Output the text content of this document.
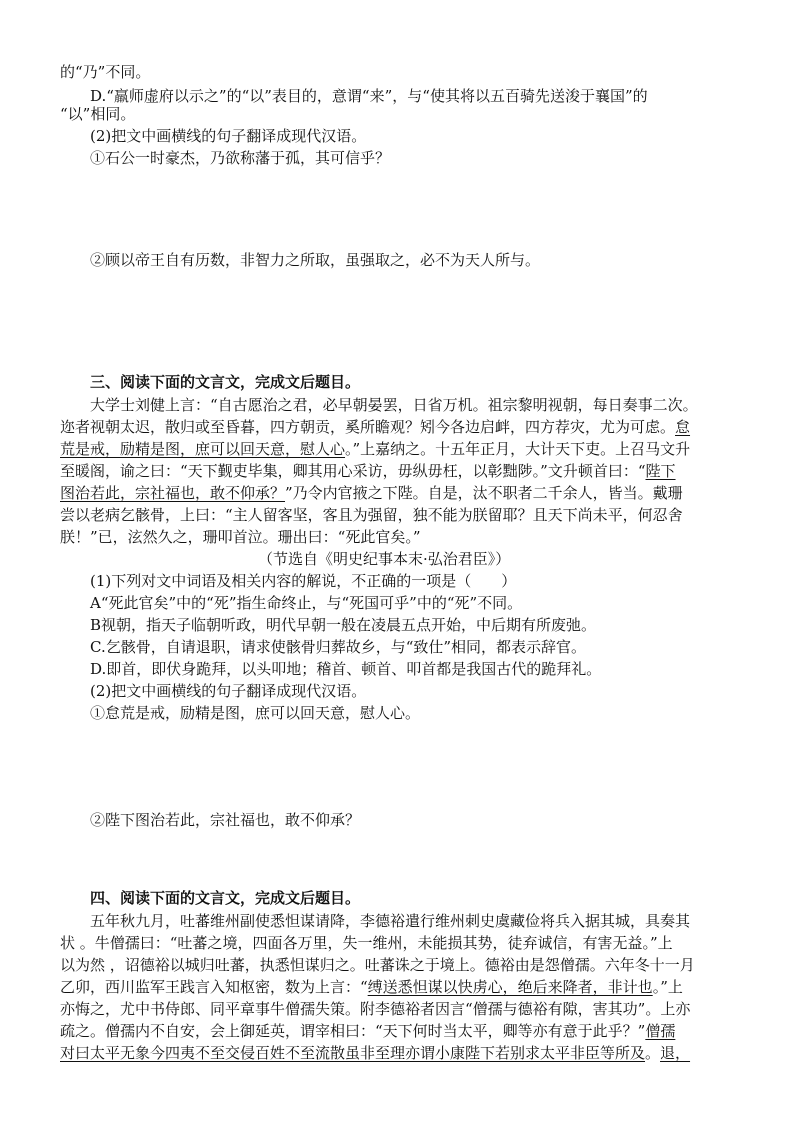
的“乃”不同。
D.“羸师虚府以示之”的“以”表目的，意谓“来”，与“使其将以五百骑先送浚于襄国”的
“以”相同。
(2)把文中画横线的句子翻译成现代汉语。
①石公一时豪杰，乃欲称藩于孤，其可信乎？
②顾以帝王自有历数，非智力之所取，虽强取之，必不为天人所与。
三、阅读下面的文言文，完成文后题目。
大学士刘健上言：“自古愿治之君，必早朝晏罢，日省万机。祖宗黎明视朝，每日奏事二次。
迩者视朝太迟，散归或至昏暮，四方朝贡，奚所瞻观？矧今各边启衅，四方荐灾，尤为可虑。怠
荒是戒，励精是图，庶可以回天意，慰人心。”上嘉纳之。十五年正月，大计天下吏。上召马文升
至暖阁，谕之曰：“天下觐吏毕集，卿其用心采访，毋纵毋枉，以彰黜陟。”文升顿首曰：“陛下
图治若此，宗社福也，敢不仰承？”乃令内官掖之下陛。自是，汰不职者二千余人，皆当。戴珊
尝以老病乞骸骨，上曰：“主人留客坚，客且为强留，独不能为朕留耶？且天下尚未平，何忍舍
朕！”已，泫然久之，珊叩首泣。珊出曰：“死此官矣。”
（节选自《明史纪事本末·弘治君臣》）
(1)下列对文中词语及相关内容的解说，不正确的一项是（　　）
A“死此官矣”中的“死”指生命终止，与“死国可乎”中的“死”不同。
B视朝，指天子临朝听政，明代早朝一般在凌晨五点开始，中后期有所废弛。
C.乞骸骨，自请退职，请求使骸骨归葬故乡，与“致仕”相同，都表示辞官。
D.即首，即伏身跪拜，以头叩地；稽首、顿首、叩首都是我国古代的跪拜礼。
(2)把文中画横线的句子翻译成现代汉语。
①怠荒是戒，励精是图，庶可以回天意，慰人心。
②陛下图治若此，宗社福也，敢不仰承？
四、阅读下面的文言文，完成文后题目。
五年秋九月，吐蕃维州副使悉怛谋请降，李德裕遣行维州刺史虞藏俭将兵入据其城，具奏其
状 。牛僧孺曰：“吐蕃之境，四面各万里，失一维州，未能损其势，徒弃诚信，有害无益。”上
以为然 ，诏德裕以城归吐蕃，执悉怛谋归之。吐蕃诛之于境上。德裕由是怨僧孺。六年冬十一月
乙卯，西川监军王践言入知枢密，数为上言：“缚送悉怛谋以快虏心，绝后来降者，非计也。”上
亦悔之，尤中书侍郎、同平章事牛僧孺失策。附李德裕者因言“僧孺与德裕有隙，害其功”。上亦
疏之。僧孺内不自安，会上御延英，谓宰相曰：“天下何时当太平，卿等亦有意于此乎？”僧孺
对曰太平无象今四夷不至交侵百姓不至流散虽非至理亦谓小康陛下若别求太平非臣等所及。退，
